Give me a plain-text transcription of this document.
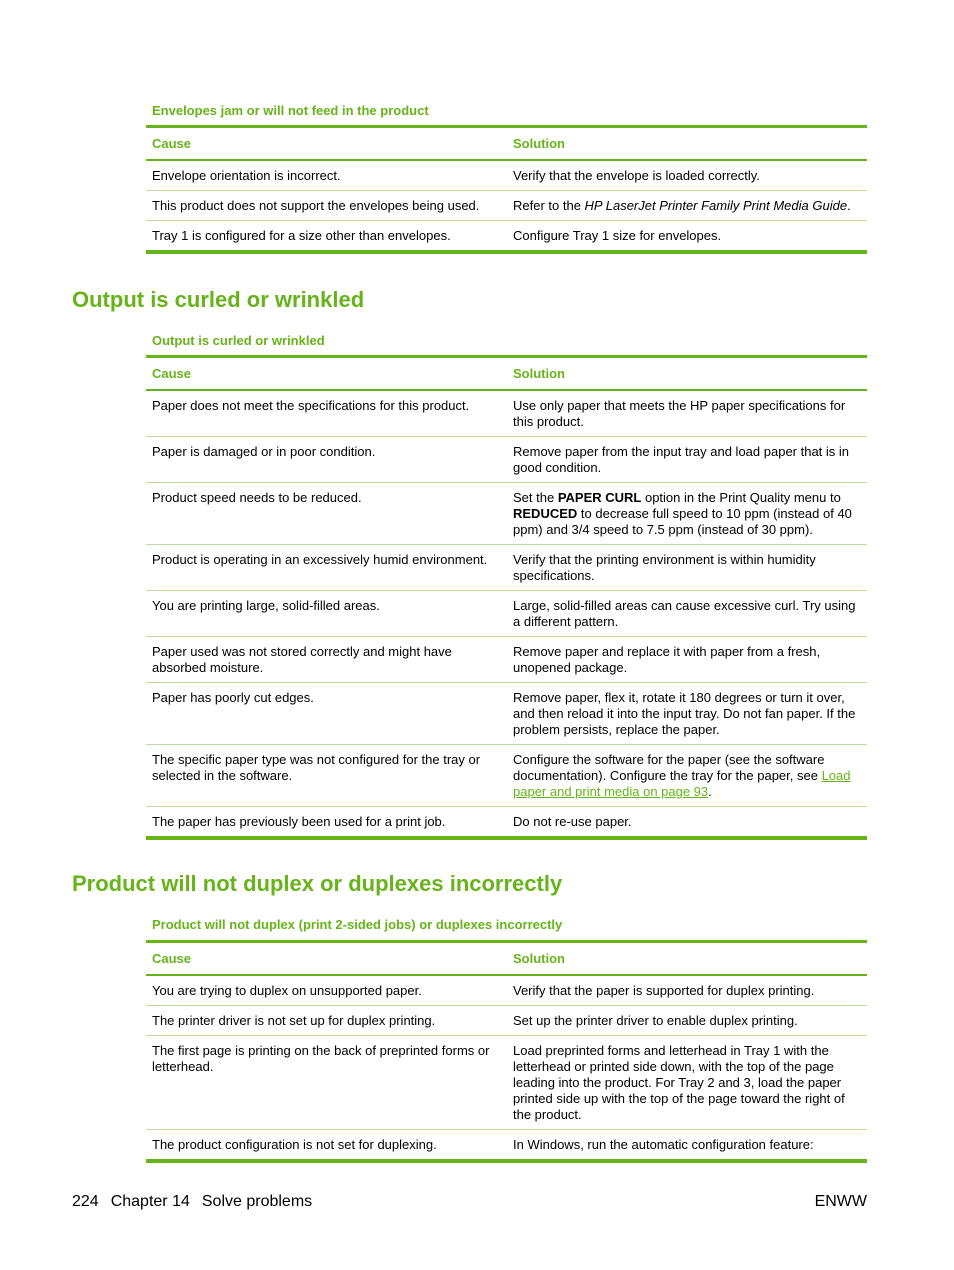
Envelopes jam or will not feed in the product
Cause	Solution
Envelope orientation is incorrect.	Verify that the envelope is loaded correctly.
This product does not support the envelopes being used.	Refer to the HP LaserJet Printer Family Print Media Guide.
Tray 1 is configured for a size other than envelopes.	Configure Tray 1 size for envelopes.
Output is curled or wrinkled
Output is curled or wrinkled
Cause	Solution
Paper does not meet the specifications for this product.	Use only paper that meets the HP paper specifications for this product.
Paper is damaged or in poor condition.	Remove paper from the input tray and load paper that is in good condition.
Product speed needs to be reduced.	Set the PAPER CURL option in the Print Quality menu to REDUCED to decrease full speed to 10 ppm (instead of 40 ppm) and 3/4 speed to 7.5 ppm (instead of 30 ppm).
Product is operating in an excessively humid environment.	Verify that the printing environment is within humidity specifications.
You are printing large, solid-filled areas.	Large, solid-filled areas can cause excessive curl. Try using a different pattern.
Paper used was not stored correctly and might have absorbed moisture.	Remove paper and replace it with paper from a fresh, unopened package.
Paper has poorly cut edges.	Remove paper, flex it, rotate it 180 degrees or turn it over, and then reload it into the input tray. Do not fan paper. If the problem persists, replace the paper.
The specific paper type was not configured for the tray or selected in the software.	Configure the software for the paper (see the software documentation). Configure the tray for the paper, see Load paper and print media on page 93.
The paper has previously been used for a print job.	Do not re-use paper.
Product will not duplex or duplexes incorrectly
Product will not duplex (print 2-sided jobs) or duplexes incorrectly
Cause	Solution
You are trying to duplex on unsupported paper.	Verify that the paper is supported for duplex printing.
The printer driver is not set up for duplex printing.	Set up the printer driver to enable duplex printing.
The first page is printing on the back of preprinted forms or letterhead.	Load preprinted forms and letterhead in Tray 1 with the letterhead or printed side down, with the top of the page leading into the product. For Tray 2 and 3, load the paper printed side up with the top of the page toward the right of the product.
The product configuration is not set for duplexing.	In Windows, run the automatic configuration feature:
224 Chapter 14 Solve problems	ENWW
